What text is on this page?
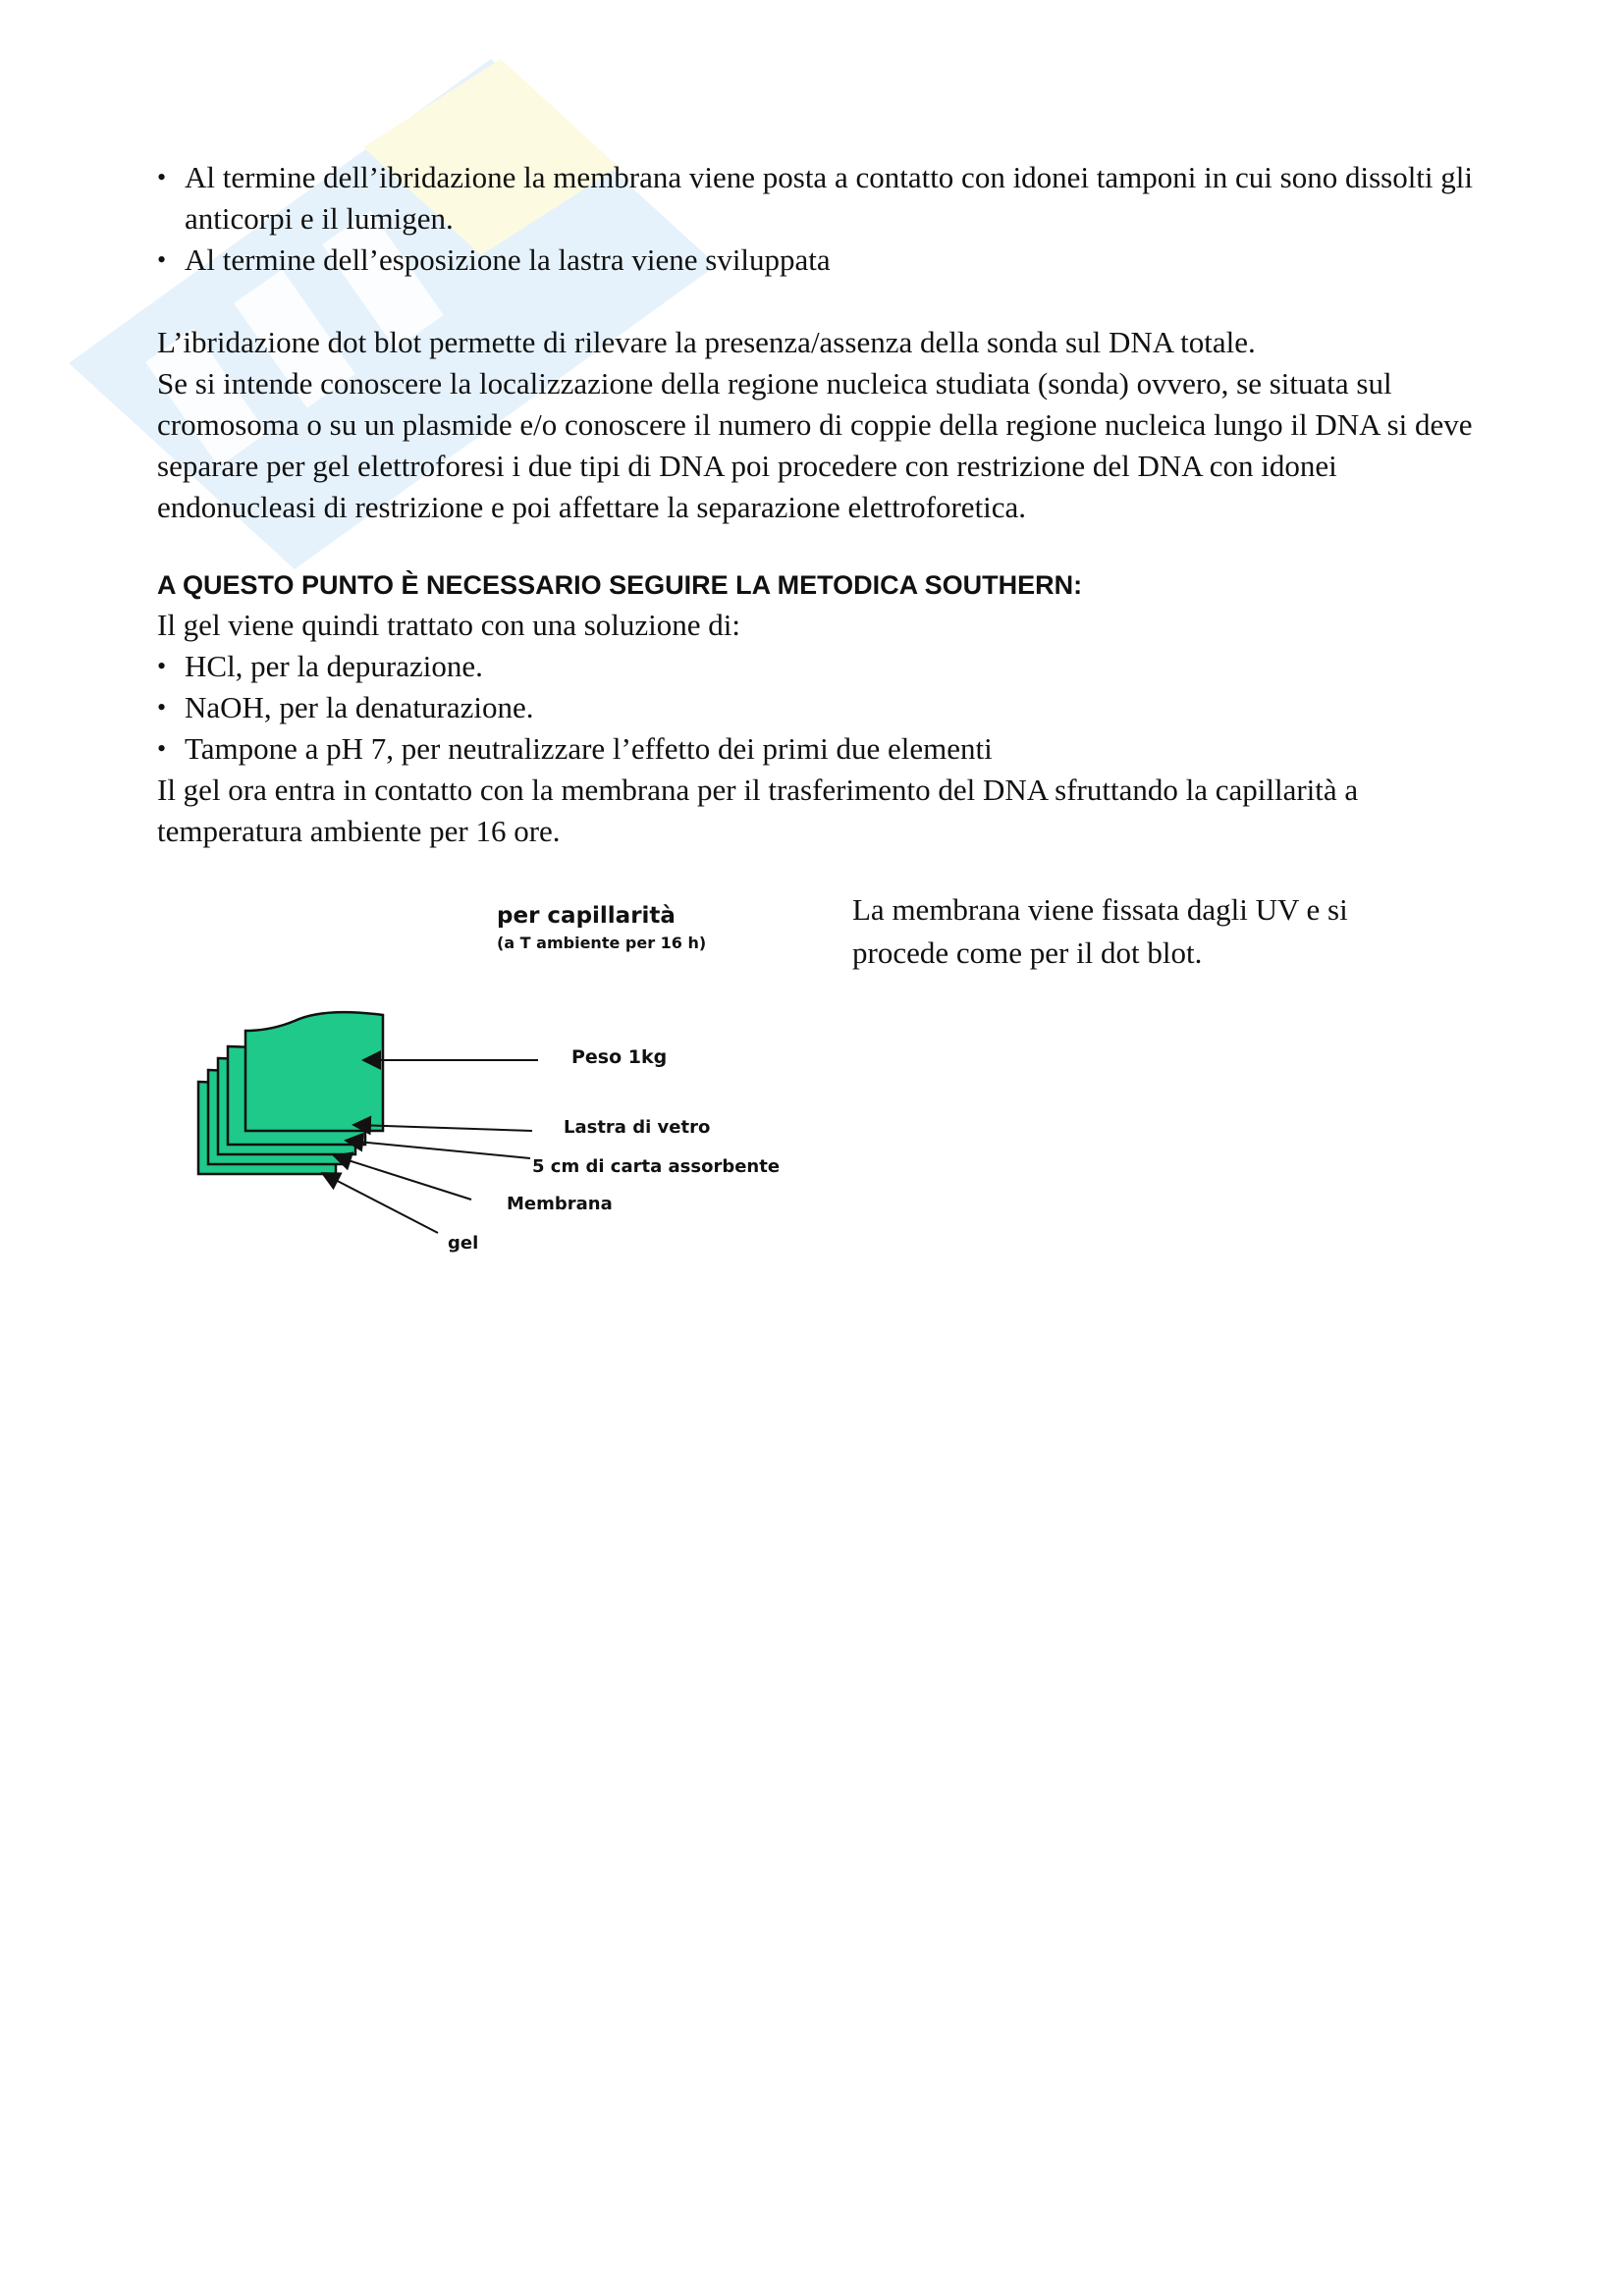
• Al termine dell’ibridazione la membrana viene posta a contatto con idonei tamponi in cui sono dissolti gli anticorpi e il lumigen.
• Al termine dell’esposizione la lastra viene sviluppata

L’ibridazione dot blot permette di rilevare la presenza/assenza della sonda sul DNA totale.

Se si intende conoscere la localizzazione della regione nucleica studiata (sonda) ovvero, se situata sul cromosoma o su un plasmide e/o conoscere il numero di coppie della regione nucleica lungo il DNA si deve separare per gel elettroforesi i due tipi di DNA poi procedere con restrizione del DNA con idonei endonucleasi di restrizione e poi affettare la separazione elettroforetica.

A QUESTO PUNTO È NECESSARIO SEGUIRE LA METODICA SOUTHERN:

Il gel viene quindi trattato con una soluzione di:

• HCl, per la depurazione.
• NaOH, per la denaturazione.
• Tampone a pH 7, per neutralizzare l’effetto dei primi due elementi

Il gel ora entra in contatto con la membrana per il trasferimento del DNA sfruttando la capillarità a temperatura ambiente per 16 ore.

per capillarità
(a T ambiente per 16 h)
Peso 1kg
Lastra di vetro
5 cm di carta assorbente
Membrana
gel
La membrana viene fissata dagli UV e si procede come per il dot blot.
